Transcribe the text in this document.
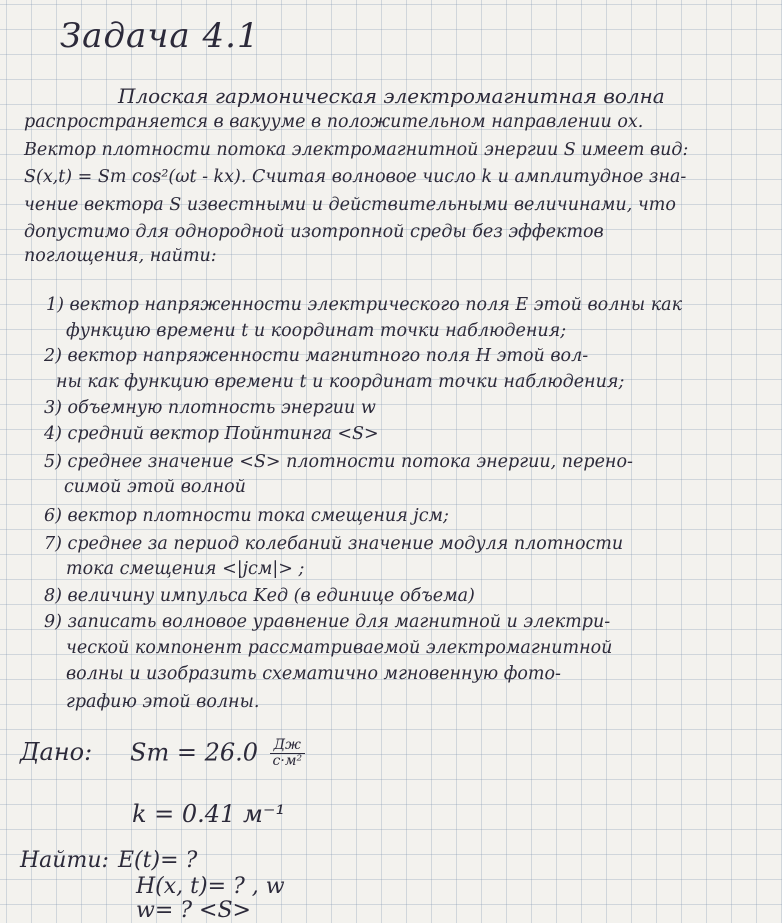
Задача 4.1
Плоская гармоническая электромагнитная волна
распространяется в вакууме в положительном направлении ох.
Вектор плотности потока электромагнитной энергии S имеет вид:
S(x,t) = Sm cos²(ωt - kx). Считая волновое число k и амплитудное зна-
чение вектора S известными и действительными величинами, что
допустимо для однородной изотропной среды без эффектов
поглощения, найти:
1) вектор напряженности электрического поля E этой волны как
функцию времени t и координат точки наблюдения;
2) вектор напряженности магнитного поля H этой вол-
ны как функцию времени t и координат точки наблюдения;
3) объемную плотность энергии w
4) средний вектор Пойнтинга <S>
5) среднее значение <S> плотности потока энергии, перено-
симой этой волной
6) вектор плотности тока смещения jсм;
7) среднее за период колебаний значение модуля плотности
тока смещения <|jсм|> ;
8) величину импульса Kед (в единице объема)
9) записать волновое уравнение для магнитной и электри-
ческой компонент рассматриваемой электромагнитной
волны и изобразить схематично мгновенную фото-
графию этой волны.
Дано: $Sm = 26.0 \frac{Дж}{\text{с·м²}}$
k = 0.41 м⁻¹
Найти: E(t)= ?
H(x, t)= ? , w
w= ? <S>
